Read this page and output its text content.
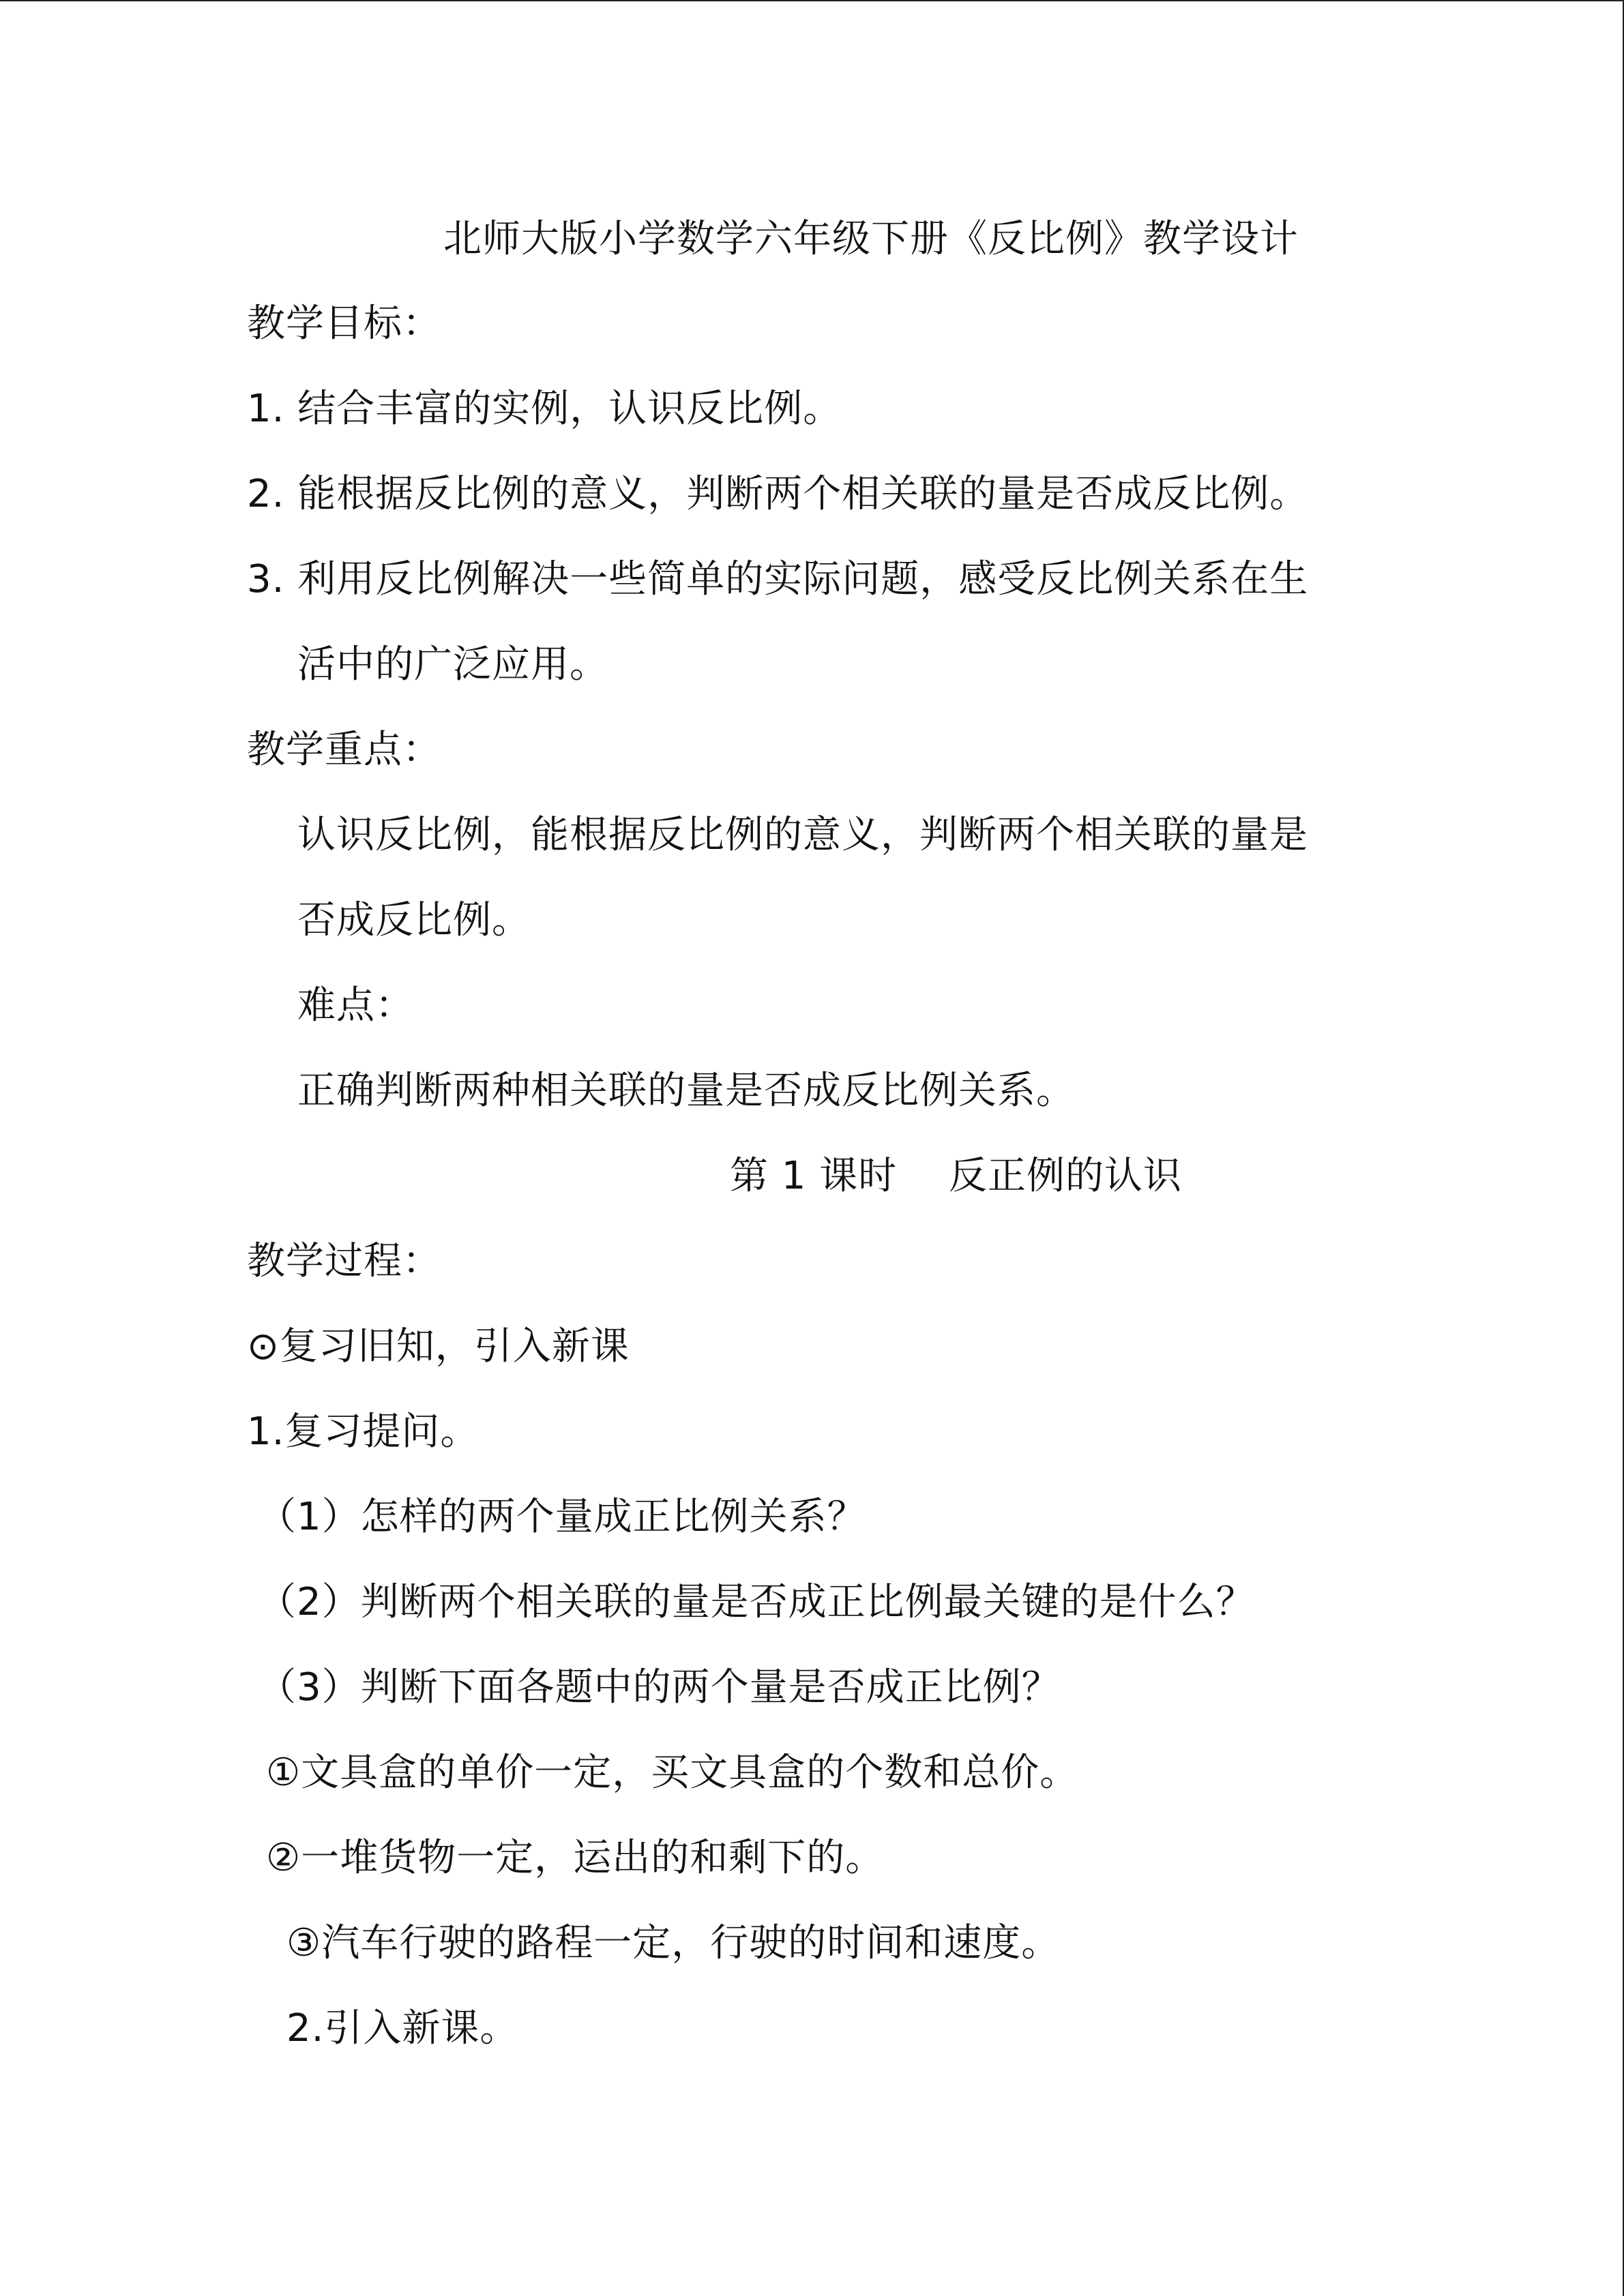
北师大版小学数学六年级下册《反比例》教学设计
教学目标：
1. 结合丰富的实例，认识反比例。
2. 能根据反比例的意义，判断两个相关联的量是否成反比例。
3. 利用反比例解决一些简单的实际问题，感受反比例关系在生
活中的广泛应用。
教学重点：
认识反比例，能根据反比例的意义，判断两个相关联的量是
否成反比例。
难点：
正确判断两种相关联的量是否成反比例关系。
第 1 课时　 反正例的认识
教学过程：
⊙复习旧知，引入新课
1.复习提问。
（1）怎样的两个量成正比例关系？
（2）判断两个相关联的量是否成正比例最关键的是什么？
（3）判断下面各题中的两个量是否成正比例？
①文具盒的单价一定，买文具盒的个数和总价。
②一堆货物一定，运出的和剩下的。
③汽车行驶的路程一定，行驶的时间和速度。
2.引入新课。
